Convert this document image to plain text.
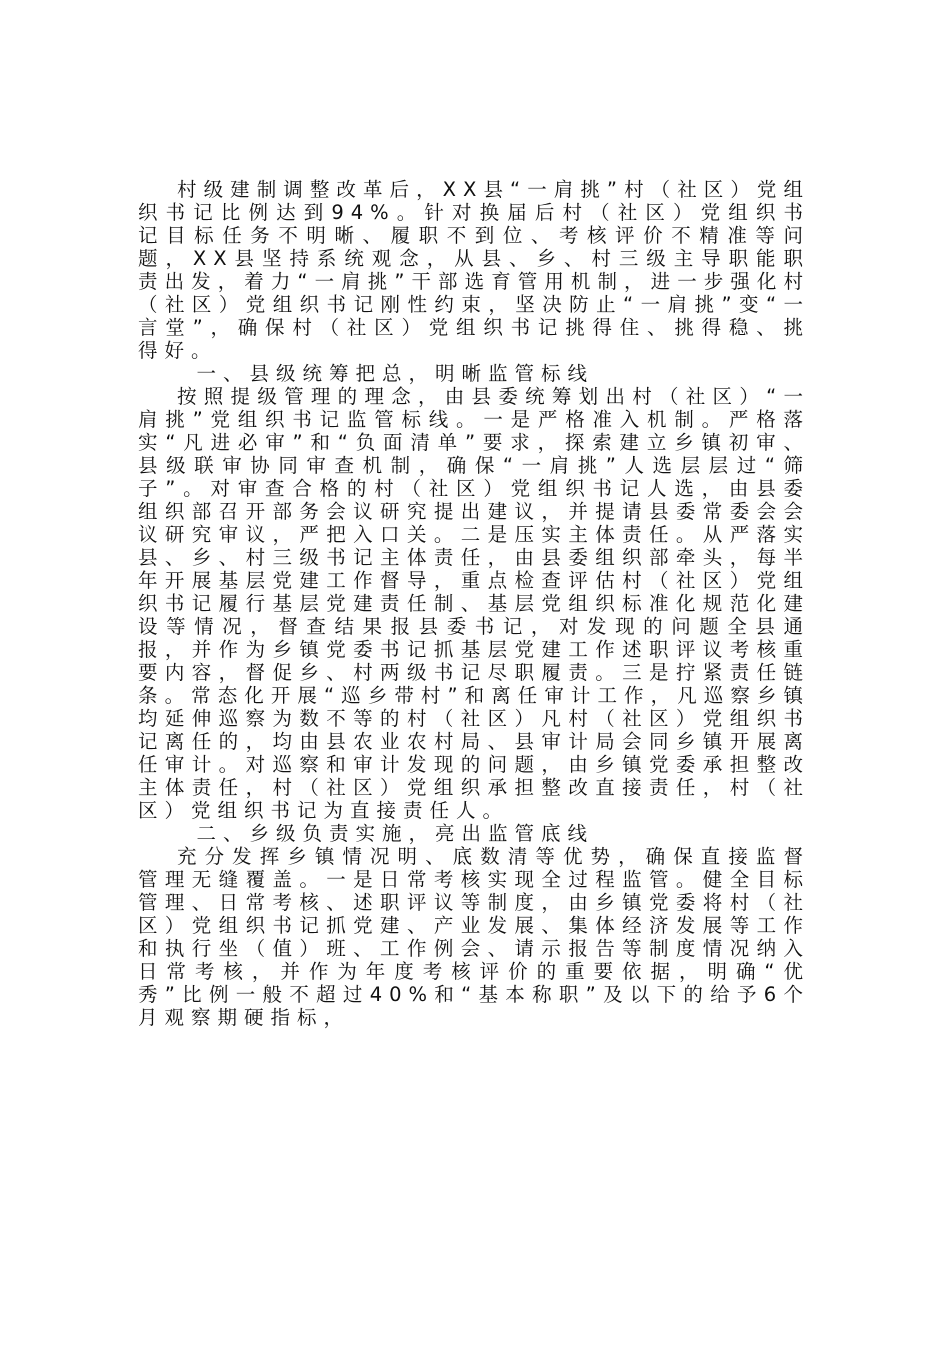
村级建制调整改革后，XX县“一肩挑”村（社区）党组织书记比例达到94%。针对换届后村（社区）党组织书记目标任务不明晰、履职不到位、考核评价不精准等问题，XX县坚持系统观念，从县、乡、村三级主导职能职责出发，着力“一肩挑”干部选育管用机制，进一步强化村（社区）党组织书记刚性约束，坚决防止“一肩挑”变“一言堂”，确保村（社区）党组织书记挑得住、挑得稳、挑得好。

一、县级统筹把总，明晰监管标线

按照提级管理的理念，由县委统筹划出村（社区）“一肩挑”党组织书记监管标线。一是严格准入机制。严格落实“凡进必审”和“负面清单”要求，探索建立乡镇初审、县级联审协同审查机制，确保“一肩挑”人选层层过“筛子”。对审查合格的村（社区）党组织书记人选，由县委组织部召开部务会议研究提出建议，并提请县委常委会会议研究审议，严把入口关。二是压实主体责任。从严落实县、乡、村三级书记主体责任，由县委组织部牵头，每半年开展基层党建工作督导，重点检查评估村（社区）党组织书记履行基层党建责任制、基层党组织标准化规范化建设等情况，督查结果报县委书记，对发现的问题全县通报，并作为乡镇党委书记抓基层党建工作述职评议考核重要内容，督促乡、村两级书记尽职履责。三是拧紧责任链条。常态化开展“巡乡带村”和离任审计工作，凡巡察乡镇均延伸巡察为数不等的村（社区）凡村（社区）党组织书记离任的，均由县农业农村局、县审计局会同乡镇开展离任审计。对巡察和审计发现的问题，由乡镇党委承担整改主体责任，村（社区）党组织承担整改直接责任，村（社区）党组织书记为直接责任人。

二、乡级负责实施，亮出监管底线

充分发挥乡镇情况明、底数清等优势，确保直接监督管理无缝覆盖。一是日常考核实现全过程监管。健全目标管理、日常考核、述职评议等制度，由乡镇党委将村（社区）党组织书记抓党建、产业发展、集体经济发展等工作和执行坐（值）班、工作例会、请示报告等制度情况纳入日常考核，并作为年度考核评价的重要依据，明确“优秀”比例一般不超过40%和“基本称职”及以下的给予6个月观察期硬指标，
